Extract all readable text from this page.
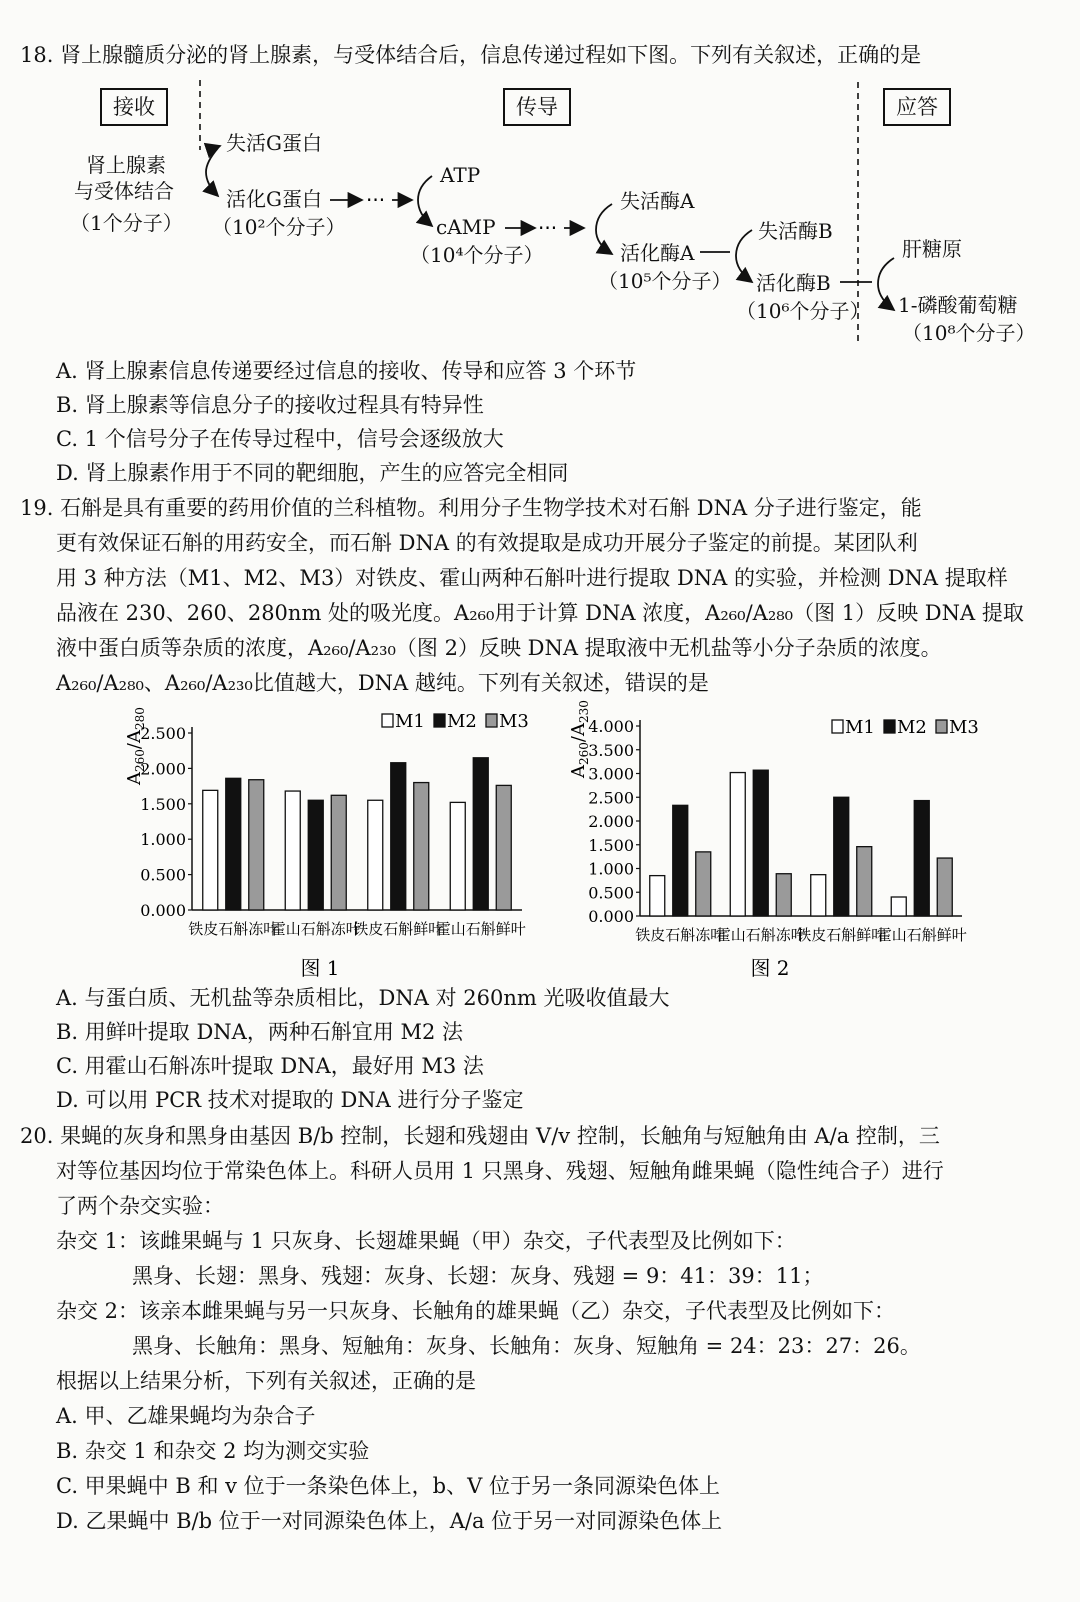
18. 肾上腺髓质分泌的肾上腺素，与受体结合后，信息传递过程如下图。下列有关叙述，正确的是
···
···
接收	传导	应答
肾上腺素
与受体结合
（1个分子）
失活G蛋白
活化G蛋白
（10²个分子）
ATP
cAMP
（10⁴个分子）
失活酶A
活化酶A
（10⁵个分子）
失活酶B
活化酶B
（10⁶个分子）
肝糖原
1-磷酸葡萄糖
（10⁸个分子）
A. 肾上腺素信息传递要经过信息的接收、传导和应答 3 个环节
B. 肾上腺素等信息分子的接收过程具有特异性
C. 1 个信号分子在传导过程中，信号会逐级放大
D. 肾上腺素作用于不同的靶细胞，产生的应答完全相同
19. 石斛是具有重要的药用价值的兰科植物。利用分子生物学技术对石斛 DNA 分子进行鉴定，能
更有效保证石斛的用药安全，而石斛 DNA 的有效提取是成功开展分子鉴定的前提。某团队利
用 3 种方法（M1、M2、M3）对铁皮、霍山两种石斛叶进行提取 DNA 的实验，并检测 DNA 提取样
品液在 230、260、280nm 处的吸光度。A₂₆₀用于计算 DNA 浓度，A₂₆₀/A₂₈₀（图 1）反映 DNA 提取
液中蛋白质等杂质的浓度，A₂₆₀/A₂₃₀（图 2）反映 DNA 提取液中无机盐等小分子杂质的浓度。
A₂₆₀/A₂₈₀、A₂₆₀/A₂₃₀比值越大，DNA 越纯。下列有关叙述，错误的是
0.000
0.500
1.000
1.500
2.000
2.500
$A_{260}/A_{280}$
铁皮石斛冻叶
霍山石斛冻叶
铁皮石斛鲜叶
霍山石斛鲜叶
M1 M2 M3
图 1
0.000
0.500
1.000
1.500
2.000
2.500
3.000
3.500
4.000
$A_{260}/A_{230}$
铁皮石斛冻叶
霍山石斛冻叶
铁皮石斛鲜叶
霍山石斛鲜叶
M1 M2 M3
图 2
A. 与蛋白质、无机盐等杂质相比，DNA 对 260nm 光吸收值最大
B. 用鲜叶提取 DNA，两种石斛宜用 M2 法
C. 用霍山石斛冻叶提取 DNA，最好用 M3 法
D. 可以用 PCR 技术对提取的 DNA 进行分子鉴定
20. 果蝇的灰身和黑身由基因 B/b 控制，长翅和残翅由 V/v 控制，长触角与短触角由 A/a 控制，三
对等位基因均位于常染色体上。科研人员用 1 只黑身、残翅、短触角雌果蝇（隐性纯合子）进行
了两个杂交实验：
杂交 1：该雌果蝇与 1 只灰身、长翅雄果蝇（甲）杂交，子代表型及比例如下：
黑身、长翅：黑身、残翅：灰身、长翅：灰身、残翅 = 9：41：39：11；
杂交 2：该亲本雌果蝇与另一只灰身、长触角的雄果蝇（乙）杂交，子代表型及比例如下：
黑身、长触角：黑身、短触角：灰身、长触角：灰身、短触角 = 24：23：27：26。
根据以上结果分析，下列有关叙述，正确的是
A. 甲、乙雄果蝇均为杂合子
B. 杂交 1 和杂交 2 均为测交实验
C. 甲果蝇中 B 和 v 位于一条染色体上，b、V 位于另一条同源染色体上
D. 乙果蝇中 B/b 位于一对同源染色体上，A/a 位于另一对同源染色体上
